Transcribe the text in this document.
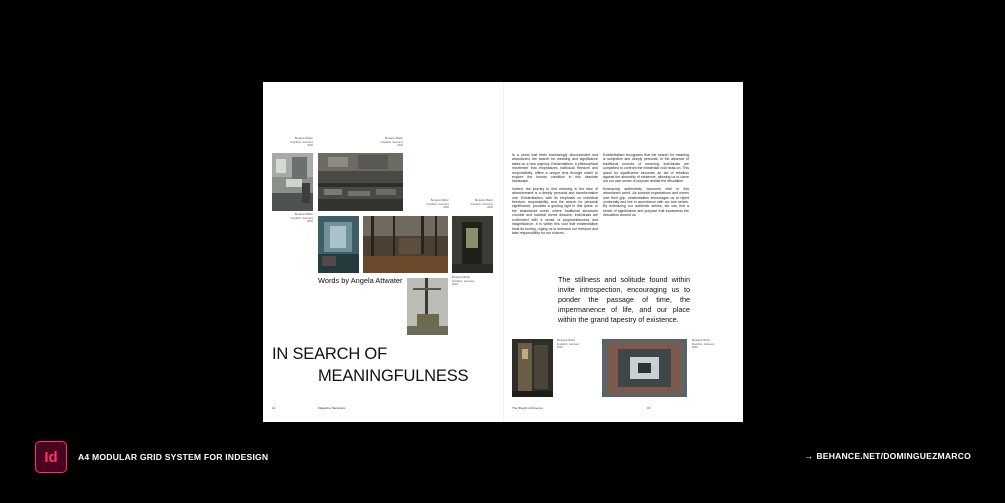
Benjamin Bellor
Frankfurt, Germany
2020
Benjamin Bellor
Frankfurt, Germany
2020
Benjamin Bellor
Frankfurt, Germany
2020
Benjamin Bellor
Frankfurt, Germany
2020
Benjamin Bellor
Frankfurt, Germany
2020
Benjamin Bellor
Frankfurt, Germany
2020
Benjamin Bellor
Frankfurt, Germany
2020
Benjamin Bellor
Frankfurt, Germany
2020
Words by Angela Attwater
IN SEARCH OF
MEANINGFULNESS

In a world that feels increasingly disconnected and abandoned, the search for meaning and significance takes on a new urgency. Existentialism, a philosophical movement that emphasizes individual freedom and responsibility, offers a unique lens through which to explore the human condition in this desolate landscape.

Indeed, the journey to find meaning in the face of abandonment is a deeply personal and transformative one. Existentialism, with its emphasis on individual freedom, responsibility, and the search for personal significance, provides a guiding light in this quest. In the abandoned world, where traditional structures crumble and societal norms dissolve, individuals are confronted with a sense of purposelessness and insignificance. It is within this void that existentialism finds its footing, urging us to embrace our freedom and take responsibility for our choices.

Existentialism recognizes that the search for meaning is subjective and deeply personal. In the absence of traditional sources of meaning, individuals are compelled to confront the existential void head-on. This quest for significance becomes an act of rebellion against the absurdity of existence, allowing us to carve out our own sense of purpose amidst the desolation.

Embracing authenticity becomes vital in this abandoned world. As societal expectations and norms lose their grip, existentialism encourages us to reject conformity and live in accordance with our true selves. By embracing our authentic selves, we can find a sense of significance and purpose that transcends the desolation around us.

The stillness and solitude found within invite introspection, encouraging us to ponder the passage of time, the impermanence of life, and our place within the grand tapestry of existence.
14	Magazine Narratives	The Weight of Absence	15
Id	A4 MODULAR GRID SYSTEM FOR INDESIGN	→ BEHANCE.NET/DOMINGUEZMARCO
